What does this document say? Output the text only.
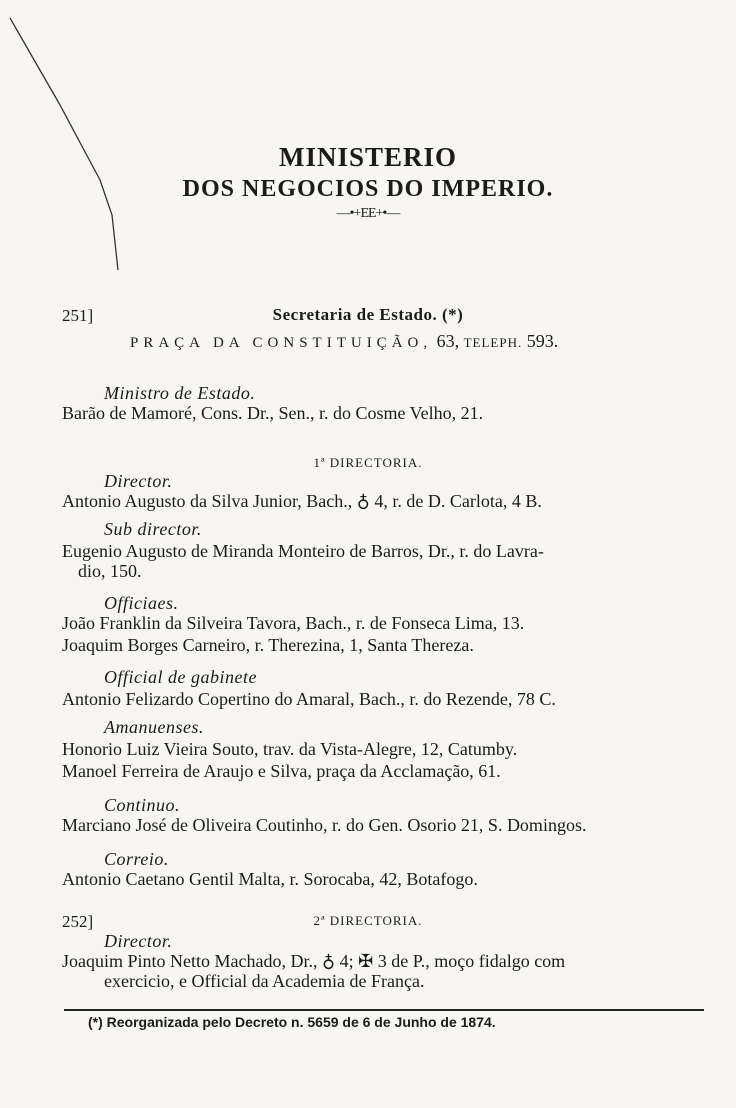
MINISTERIO
DOS NEGOCIOS DO IMPERIO.
—•+EE+•—
251]	Secretaria de Estado. (*)
PRAÇA DA CONSTITUIÇÃO, 63, TELEPH. 593.
Ministro de Estado.
Barão de Mamoré, Cons. Dr., Sen., r. do Cosme Velho, 21.
1ª DIRECTORIA.
Director.
Antonio Augusto da Silva Junior, Bach., ♁ 4, r. de D. Carlota, 4 B.
Sub director.
Eugenio Augusto de Miranda Monteiro de Barros, Dr., r. do Lavra-
dio, 150.
Officiaes.
João Franklin da Silveira Tavora, Bach., r. de Fonseca Lima, 13.
Joaquim Borges Carneiro, r. Therezina, 1, Santa Thereza.
Official de gabinete
Antonio Felizardo Copertino do Amaral, Bach., r. do Rezende, 78 C.
Amanuenses.
Honorio Luiz Vieira Souto, trav. da Vista-Alegre, 12, Catumby.
Manoel Ferreira de Araujo e Silva, praça da Acclamação, 61.
Continuo.
Marciano José de Oliveira Coutinho, r. do Gen. Osorio 21, S. Domingos.
Correio.
Antonio Caetano Gentil Malta, r. Sorocaba, 42, Botafogo.
252]	2ª DIRECTORIA.
Director.
Joaquim Pinto Netto Machado, Dr., ♁ 4; ✠ 3 de P., moço fidalgo com
exercicio, e Official da Academia de França.
(*) Reorganizada pelo Decreto n. 5659 de 6 de Junho de 1874.
